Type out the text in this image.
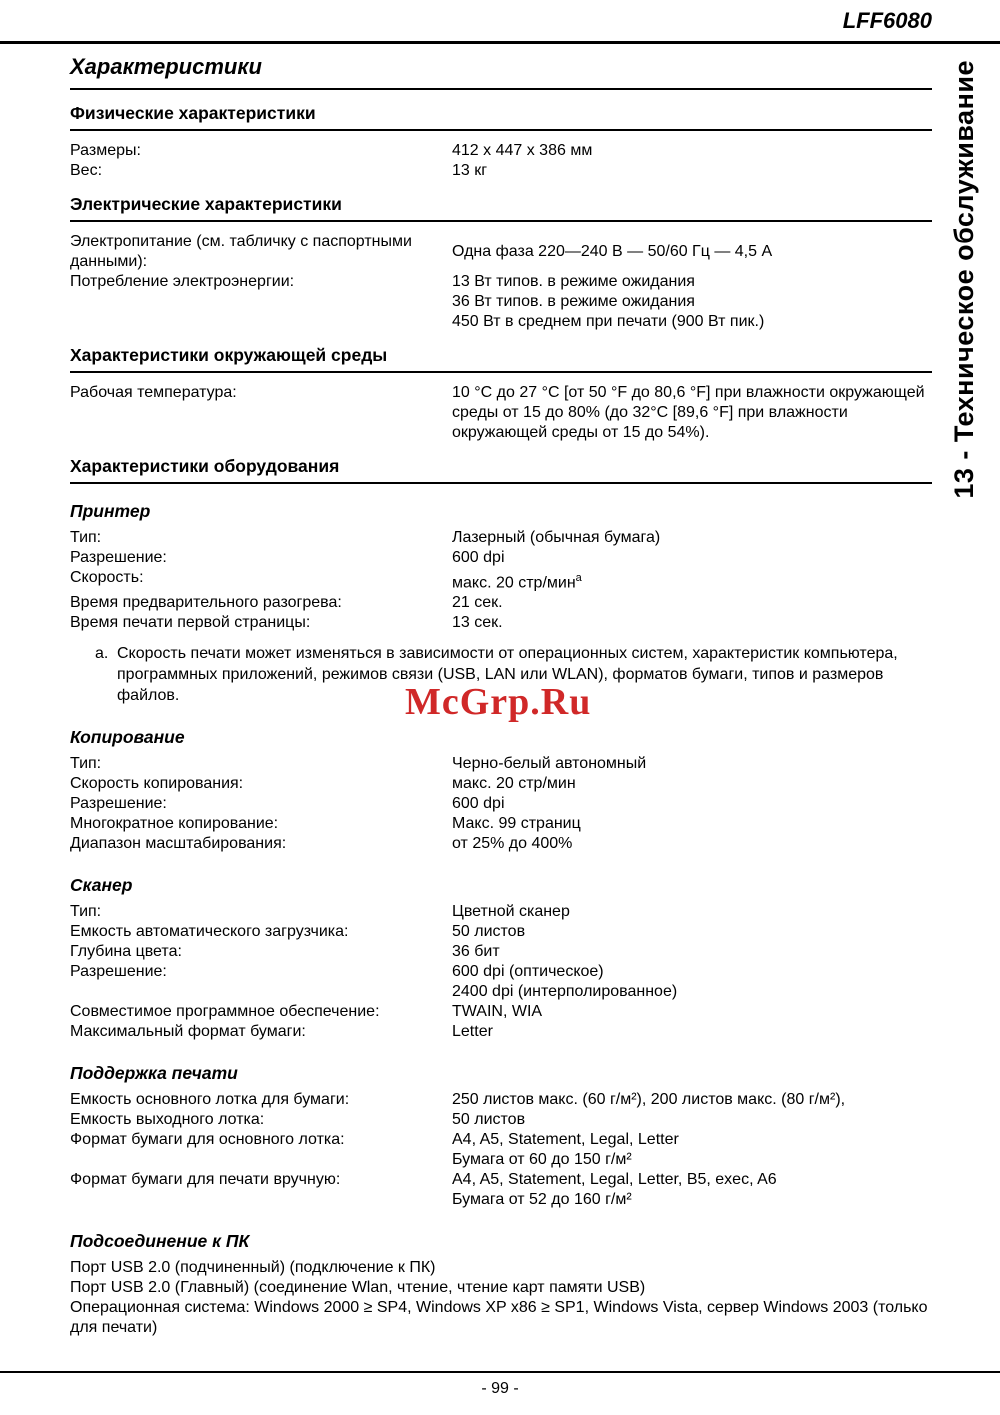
LFF6080
13 - Техническое обслуживание
McGrp.Ru
Характеристики
Физические характеристики
Размеры:	412 x 447 x 386 мм
Вес:	13 кг
Электрические характеристики
Электропитание (см. табличку с паспортными данными):
Одна фаза 220—240 В — 50/60 Гц — 4,5 А
Потребление электроэнергии:	13 Вт типов. в режиме ожидания
36 Вт типов. в режиме ожидания
450 Вт в среднем при печати (900 Вт пик.)
Характеристики окружающей среды
Рабочая температура:	10 °C до 27 °C [от 50 °F до 80,6 °F] при влажности окружающей среды от 15 до 80% (до 32°C [89,6 °F] при влажности окружающей среды от 15 до 54%).
Характеристики оборудования
Принтер
Тип:	Лазерный (обычная бумага)
Разрешение:	600 dpi
Скорость:	макс. 20 стр/мин$^a$
Время предварительного разогрева:	21 сек.
Время печати первой страницы:	13 сек.
a. Скорость печати может изменяться в зависимости от операционных систем, характеристик компьютера, программных приложений, режимов связи (USB, LAN или WLAN), форматов бумаги, типов и размеров файлов.
Копирование
Тип:	Черно-белый автономный
Скорость копирования:	макс. 20 стр/мин
Разрешение:	600 dpi
Многократное копирование:	Макс. 99 страниц
Диапазон масштабирования:	от 25% до 400%
Сканер
Тип:	Цветной сканер
Емкость автоматического загрузчика:	50 листов
Глубина цвета:	36 бит
Разрешение:	600 dpi (оптическое)
2400 dpi (интерполированное)
Совместимое программное обеспечение:	TWAIN, WIA
Максимальный формат бумаги:	Letter
Поддержка печати
Емкость основного лотка для бумаги:	250 листов макс. (60 г/м²), 200 листов макс. (80 г/м²),
Емкость выходного лотка:	50 листов
Формат бумаги для основного лотка:	A4, A5, Statement, Legal, Letter
Бумага от 60 до 150 г/м²
Формат бумаги для печати вручную:	A4, A5, Statement, Legal, Letter, B5, exec, A6
Бумага от 52 до 160 г/м²
Подсоединение к ПК

Порт USB 2.0 (подчиненный) (подключение к ПК)

Порт USB 2.0 (Главный) (соединение Wlan, чтение, чтение карт памяти USB)

Операционная система: Windows 2000 ≥ SP4, Windows XP x86 ≥ SP1, Windows Vista, сервер Windows 2003 (только для печати)

- 99 -
